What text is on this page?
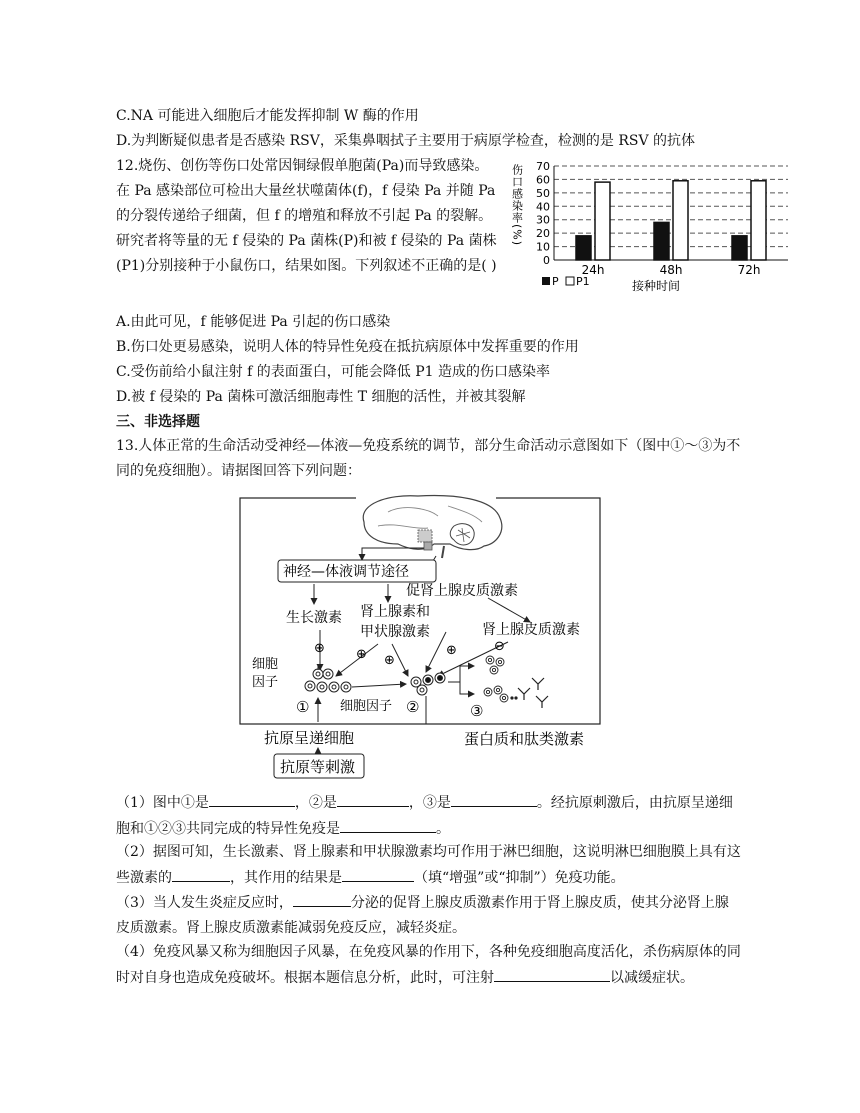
C.NA 可能进入细胞后才能发挥抑制 W 酶的作用
D.为判断疑似患者是否感染 RSV，采集鼻咽拭子主要用于病原学检查，检测的是 RSV 的抗体
12.烧伤、创伤等伤口处常因铜绿假单胞菌(Pa)而导致感染。在 Pa 感染部位可检出大量丝状噬菌体(f)，f 侵染 Pa 并随 Pa 的分裂传递给子细菌，但 f 的增殖和释放不引起 Pa 的裂解。研究者将等量的无 f 侵染的 Pa 菌株(P)和被 f 侵染的 Pa 菌株(P1)分别接种于小鼠伤口，结果如图。下列叙述不正确的是( )	0
10
20
30
40
50
60
70
24h	48h	72h
伤口感染率(%)
P P1	接种时间
A.由此可见，f 能够促进 Pa 引起的伤口感染
B.伤口处更易感染，说明人体的特异性免疫在抵抗病原体中发挥重要的作用
C.受伤前给小鼠注射 f 的表面蛋白，可能会降低 P1 造成的伤口感染率
D.被 f 侵染的 Pa 菌株可激活细胞毒性 T 细胞的活性，并被其裂解
三、非选择题
13.人体正常的生命活动受神经—体液—免疫系统的调节，部分生命活动示意图如下（图中①～③为不同的免疫细胞）。请据图回答下列问题：
神经—体液调节途径
促肾上腺皮质激素
生长激素 肾上腺素和
甲状腺激素	肾上腺皮质激素
⊕ ⊕ ⊕
⊕	⊖
细胞
因子
①	②
细胞因子	③
抗原呈递细胞
抗原等刺激
蛋白质和肽类激素
（1）图中①是	，②是	，③是	。经抗原刺激后，由抗原呈递细胞和①②③共同完成的特异性免疫是	。
（2）据图可知，生长激素、肾上腺素和甲状腺激素均可作用于淋巴细胞，这说明淋巴细胞膜上具有这些激素的	，其作用的结果是	（填“增强”或“抑制”）免疫功能。
（3）当人发生炎症反应时，	分泌的促肾上腺皮质激素作用于肾上腺皮质，使其分泌肾上腺皮质激素。肾上腺皮质激素能减弱免疫反应，减轻炎症。
（4）免疫风暴又称为细胞因子风暴，在免疫风暴的作用下，各种免疫细胞高度活化，杀伤病原体的同时对自身也造成免疫破坏。根据本题信息分析，此时，可注射	以减缓症状。
